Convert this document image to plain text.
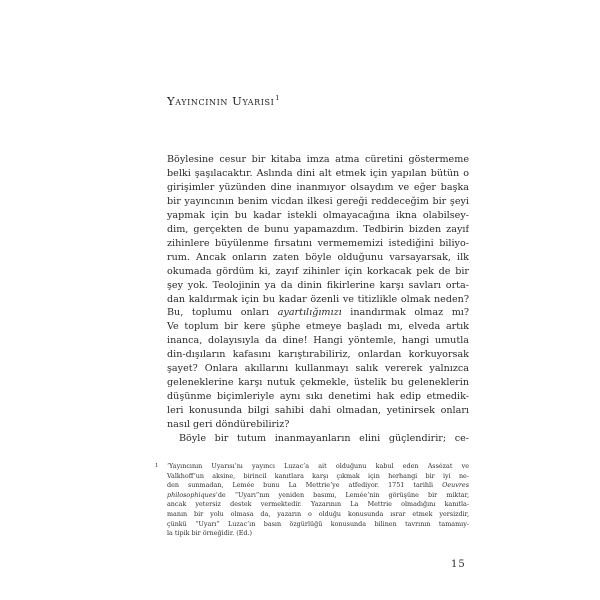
Yayıncının Uyarısı$^1$

Böylesine cesur bir kitaba imza atma cüretini göstermeme
belki şaşılacaktır. Aslında dini alt etmek için yapılan bütün o
girişimler yüzünden dine inanmıyor olsaydım ve eğer başka
bir yayıncının benim vicdan ilkesi gereği reddeceğim bir şeyi
yapmak için bu kadar istekli olmayacağına ikna olabilsey-
dim, gerçekten de bunu yapamazdım. Tedbirin bizden zayıf
zihinlere büyülenme fırsatını vermememizi istediğini biliyo-
rum. Ancak onların zaten böyle olduğunu varsayarsak, ilk
okumada gördüm ki, zayıf zihinler için korkacak pek de bir
şey yok. Teolojinin ya da dinin fikirlerine karşı savları orta-
dan kaldırmak için bu kadar özenli ve titizlikle olmak neden?
Bu, toplumu onları ayartılığımızı inandırmak olmaz mı?
Ve toplum bir kere şüphe etmeye başladı mı, elveda artık
inanca, dolayısıyla da dine! Hangi yöntemle, hangi umutla
din-dışıların kafasını karıştırabiliriz, onlardan korkuyorsak
şayet? Onlara akıllarını kullanmayı salık vererek yalnızca
geleneklerine karşı nutuk çekmekle, üstelik bu geleneklerin
düşünme biçimleriyle aynı sıkı denetimi hak edip etmedik-
leri konusunda bilgi sahibi dahi olmadan, yetinirsek onları
nasıl geri döndürebiliriz?

Böyle bir tutum inanmayanların elini güçlendirir; ce-

1 ‘Yayıncının Uyarısı’nı yayıncı Luzac’a ait olduğunu kabul eden Assézat ve
Valkhoff’un aksine, birincil kanıtlara karşı çıkmak için herhangi bir iyi ne-
den sunmadan, Lemée bunu La Mettrie’ye atfediyor. 1751 tarihli Oeuvres
philosophiques’de “Uyarı”nın yeniden basımı, Lemée’nin görüşüne bir miktar,
ancak yetersiz destek vermektedir. Yazarının La Mettrie olmadığını kanıtla-
manın bir yolu olmasa da, yazarın o olduğu konusunda ısrar etmek yersizdir,
çünkü “Uyarı” Luzac’ın basın özgürlüğü konusunda bilinen tavrının tamamıy-
la tipik bir örneğidir. (Ed.)
15
